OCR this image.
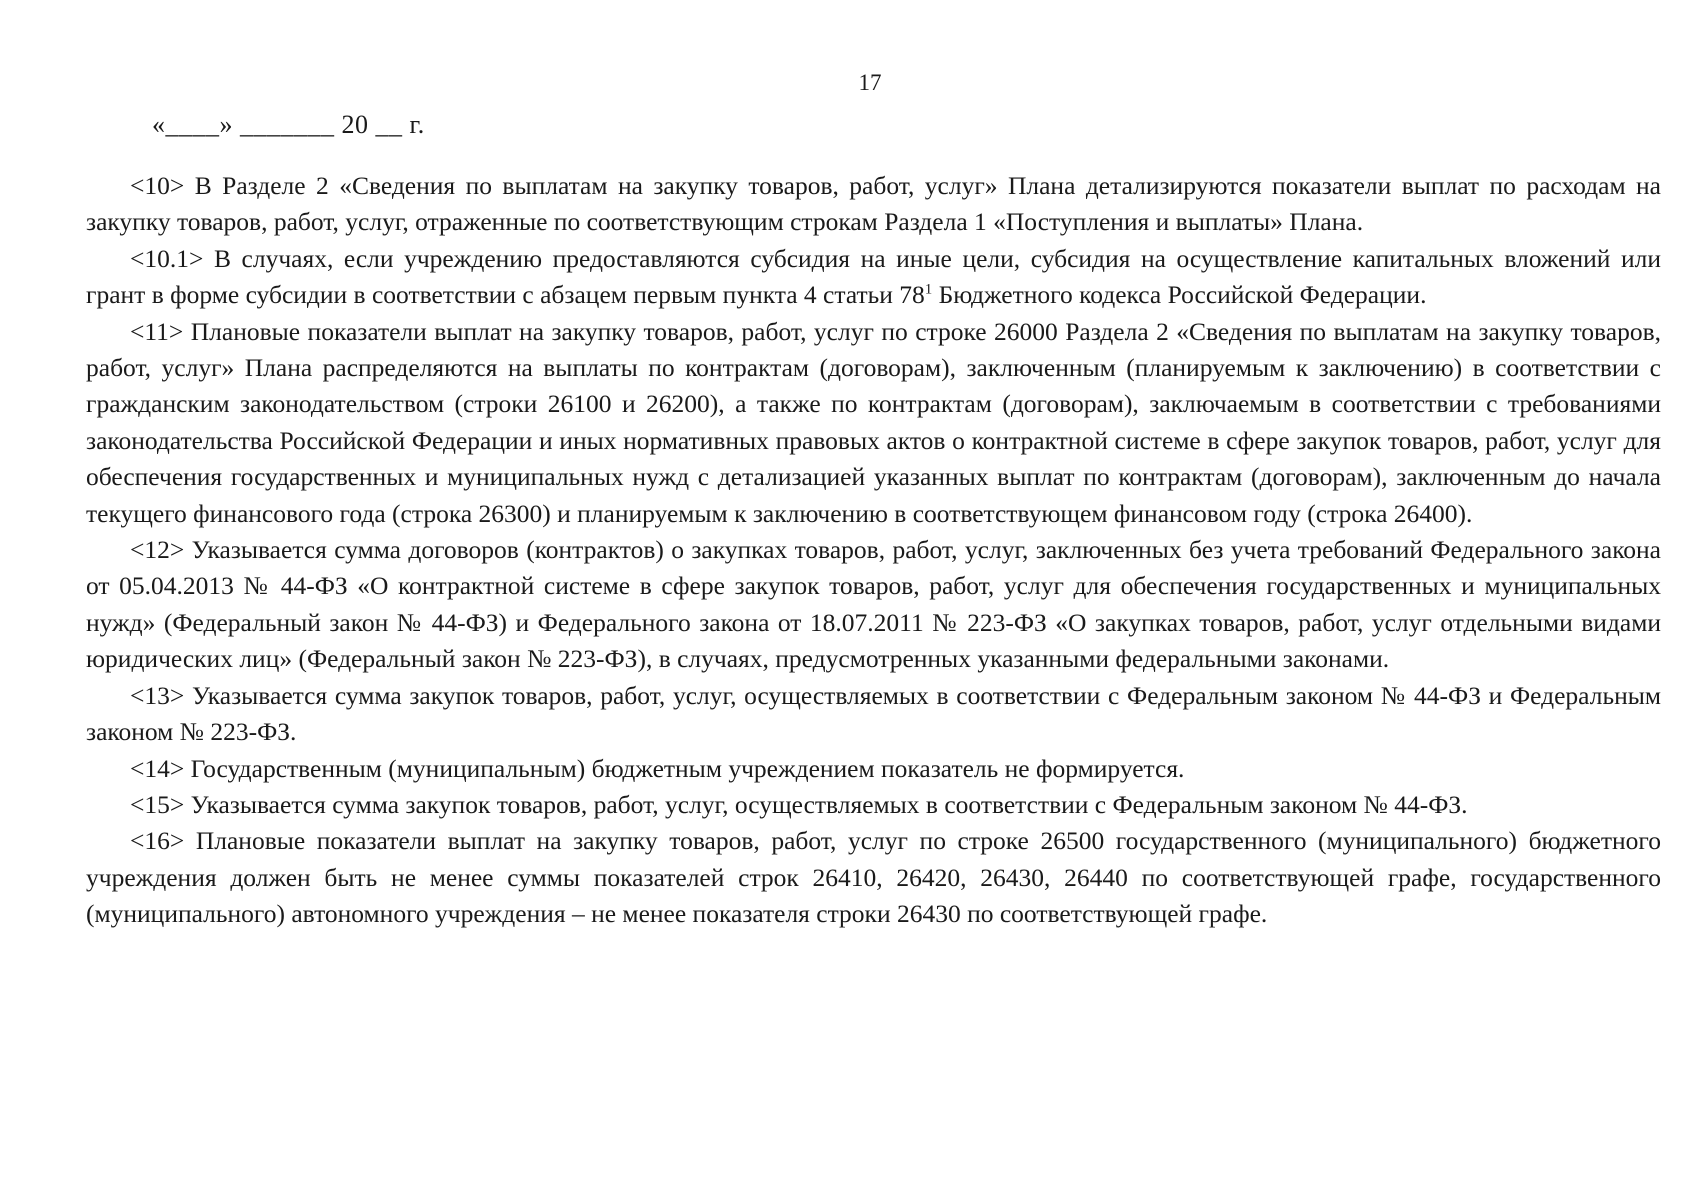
17
«____» _______ 20 __ г.

<10> В Разделе 2 «Сведения по выплатам на закупку товаров, работ, услуг» Плана детализируются показатели выплат по расходам на закупку товаров, работ, услуг, отраженные по соответствующим строкам Раздела 1 «Поступления и выплаты» Плана.

<10.1> В случаях, если учреждению предоставляются субсидия на иные цели, субсидия на осуществление капитальных вложений или грант в форме субсидии в соответствии с абзацем первым пункта 4 статьи $78^1$ Бюджетного кодекса Российской Федерации.

<11> Плановые показатели выплат на закупку товаров, работ, услуг по строке 26000 Раздела 2 «Сведения по выплатам на закупку товаров, работ, услуг» Плана распределяются на выплаты по контрактам (договорам), заключенным (планируемым к заключению) в соответствии с гражданским законодательством (строки 26100 и 26200), а также по контрактам (договорам), заключаемым в соответствии с требованиями законодательства Российской Федерации и иных нормативных правовых актов о контрактной системе в сфере закупок товаров, работ, услуг для обеспечения государственных и муниципальных нужд с детализацией указанных выплат по контрактам (договорам), заключенным до начала текущего финансового года (строка 26300) и планируемым к заключению в соответствующем финансовом году (строка 26400).

<12> Указывается сумма договоров (контрактов) о закупках товаров, работ, услуг, заключенных без учета требований Федерального закона от 05.04.2013 № 44-ФЗ «О контрактной системе в сфере закупок товаров, работ, услуг для обеспечения государственных и муниципальных нужд» (Федеральный закон № 44-ФЗ) и Федерального закона от 18.07.2011 № 223-ФЗ «О закупках товаров, работ, услуг отдельными видами юридических лиц» (Федеральный закон № 223-ФЗ), в случаях, предусмотренных указанными федеральными законами.

<13> Указывается сумма закупок товаров, работ, услуг, осуществляемых в соответствии с Федеральным законом № 44-ФЗ и Федеральным законом № 223-ФЗ.

<14> Государственным (муниципальным) бюджетным учреждением показатель не формируется.

<15> Указывается сумма закупок товаров, работ, услуг, осуществляемых в соответствии с Федеральным законом № 44-ФЗ.

<16> Плановые показатели выплат на закупку товаров, работ, услуг по строке 26500 государственного (муниципального) бюджетного учреждения должен быть не менее суммы показателей строк 26410, 26420, 26430, 26440 по соответствующей графе, государственного (муниципального) автономного учреждения – не менее показателя строки 26430 по соответствующей графе.
